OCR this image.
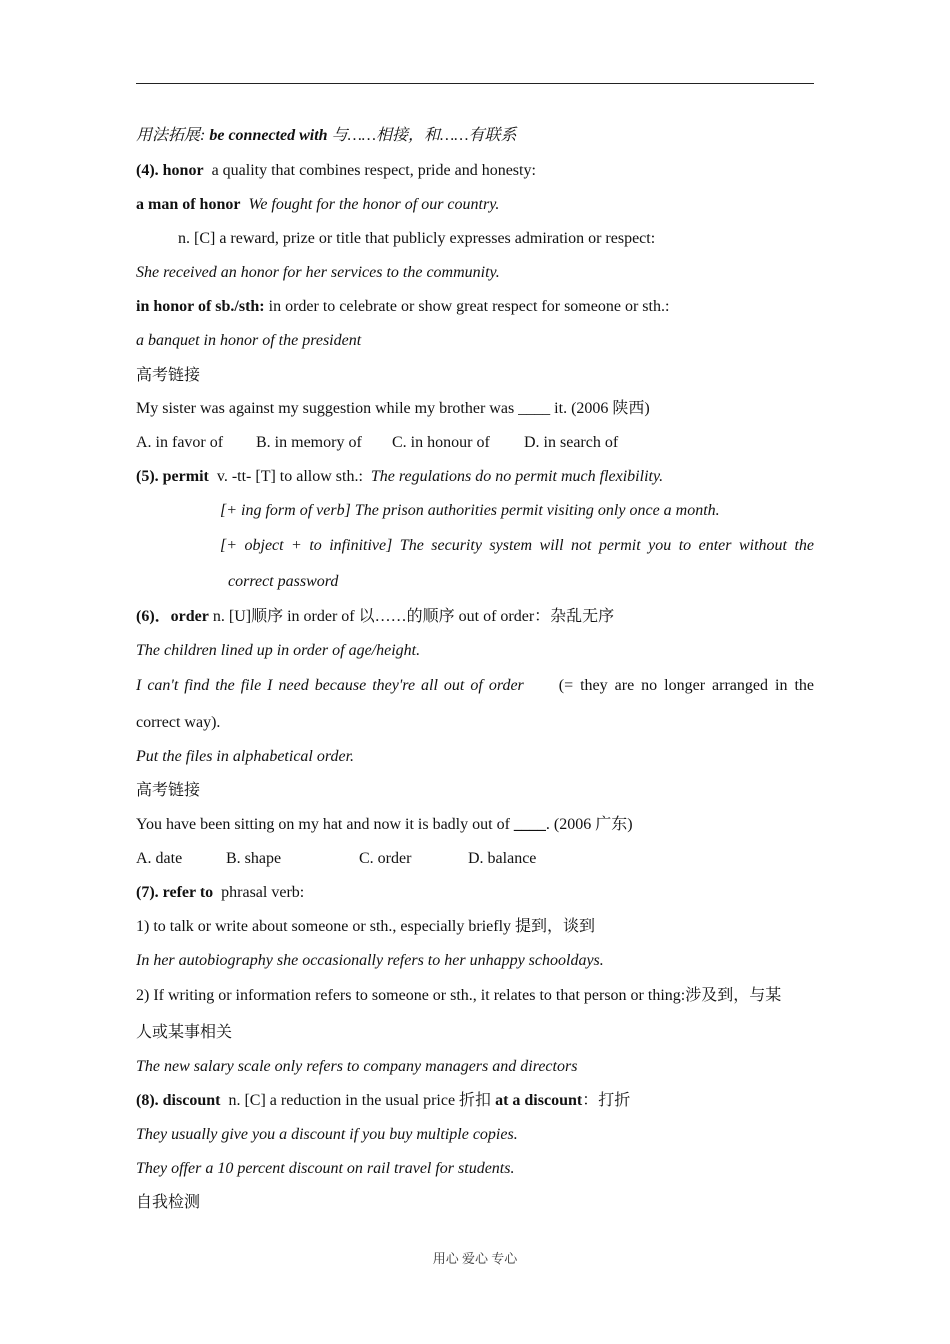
用法拓展: be connected with 与……相接，和……有联系
(4). honor a quality that combines respect, pride and honesty:
a man of honor We fought for the honor of our country.
n. [C] a reward, prize or title that publicly expresses admiration or respect:
She received an honor for her services to the community.
in honor of sb./sth: in order to celebrate or show great respect for someone or sth.:
a banquet in honor of the president
高考链接
My sister was against my suggestion while my brother was ____ it. (2006 陕西)
A. in favor of B. in memory of C. in honour of D. in search of
(5). permit v. -tt- [T] to allow sth.: The regulations do no permit much flexibility.
[+ ing form of verb] The prison authorities permit visiting only once a month.
[+ object + to infinitive] The security system will not permit you to enter without the
correct password
(6)．order n. [U]顺序 in order of 以……的顺序 out of order：杂乱无序
The children lined up in order of age/height.
I can't find the file I need because they're all out of order (= they are no longer arranged in the
correct way).
Put the files in alphabetical order.
高考链接
You have been sitting on my hat and now it is badly out of ____. (2006 广东)
A. date	B. shape	C. order	D. balance
(7). refer to phrasal verb:
1) to talk or write about someone or sth., especially briefly 提到，谈到
In her autobiography she occasionally refers to her unhappy schooldays.
2) If writing or information refers to someone or sth., it relates to that person or thing:涉及到，与某
人或某事相关
The new salary scale only refers to company managers and directors
(8). discount n. [C] a reduction in the usual price 折扣 at a discount：打折
They usually give you a discount if you buy multiple copies.
They offer a 10 percent discount on rail travel for students.
自我检测
用心 爱心 专心
